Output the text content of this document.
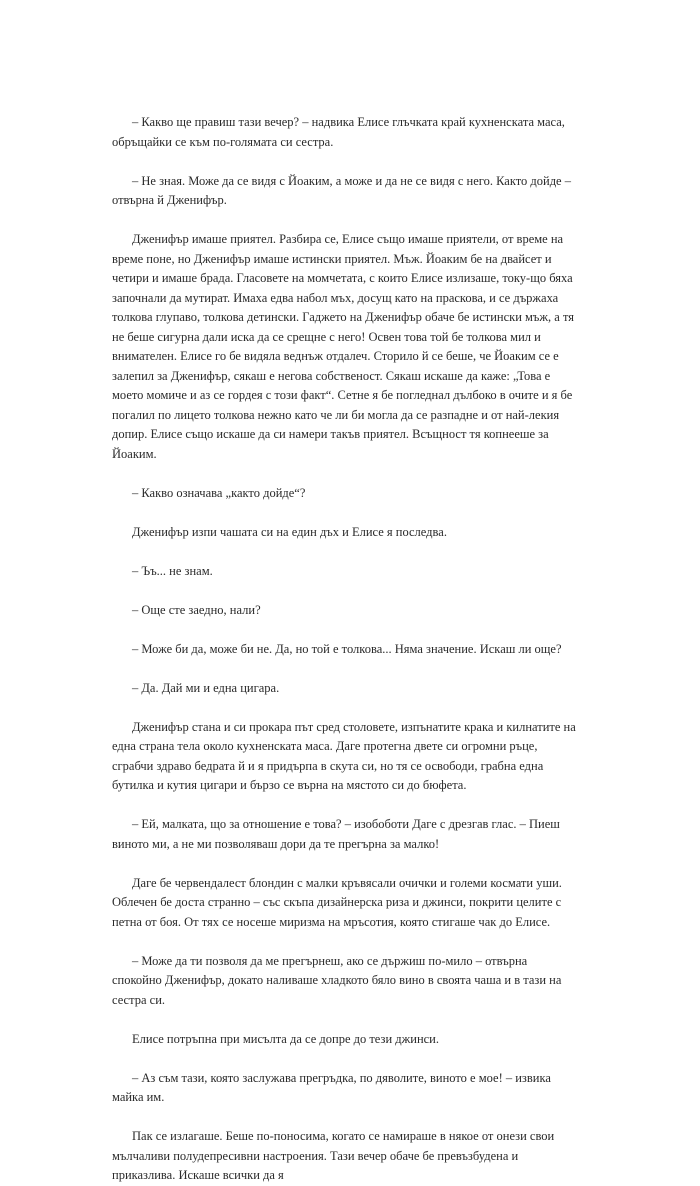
– Какво ще правиш тази вечер? – надвика Елисе глъчката край кухненската маса, обръщайки се към по-голямата си сестра.

– Не зная. Може да се видя с Йоаким, а може и да не се видя с него. Както дойде – отвърна й Дженифър.

Дженифър имаше приятел. Разбира се, Елисе също имаше приятели, от време на време поне, но Дженифър имаше истински приятел. Мъж. Йоаким бе на двайсет и четири и имаше брада. Гласовете на момчетата, с които Елисе излизаше, току-що бяха започнали да мутират. Имаха едва набол мъх, досущ като на праскова, и се държаха толкова глупаво, толкова детински. Гаджето на Дженифър обаче бе истински мъж, а тя не беше сигурна дали иска да се срещне с него! Освен това той бе толкова мил и внимателен. Елисе го бе видяла веднъж отдалеч. Сторило й се беше, че Йоаким се е залепил за Дженифър, сякаш е негова собственост. Сякаш искаше да каже: „Това е моето момиче и аз се гордея с този факт“. Сетне я бе погледнал дълбоко в очите и я бе погалил по лицето толкова нежно като че ли би могла да се разпадне и от най-лекия допир. Елисе също искаше да си намери такъв приятел. Всъщност тя копнееше за Йоаким.

– Какво означава „както дойде“?

Дженифър изпи чашата си на един дъх и Елисе я последва.

– Ъъ... не знам.

– Още сте заедно, нали?

– Може би да, може би не. Да, но той е толкова... Няма значение. Искаш ли още?

– Да. Дай ми и една цигара.

Дженифър стана и си прокара път сред столовете, изпънатите крака и килнатите на една страна тела около кухненската маса. Даге протегна двете си огромни ръце, сграбчи здраво бедрата й и я придърпа в скута си, но тя се освободи, грабна една бутилка и кутия цигари и бързо се върна на мястото си до бюфета.

– Ей, малката, що за отношение е това? – изобоботи Даге с дрезгав глас. – Пиеш виното ми, а не ми позволяваш дори да те прегърна за малко!

Даге бе червендалест блондин с малки кръвясали очички и големи космати уши. Облечен бе доста странно – със скъпа дизайнерска риза и джинси, покрити целите с петна от боя. От тях се носеше миризма на мръсотия, която стигаше чак до Елисе.

– Може да ти позволя да ме прегърнеш, ако се държиш по-мило – отвърна спокойно Дженифър, докато наливаше хладкото бяло вино в своята чаша и в тази на сестра си.

Елисе потръпна при мисълта да се допре до тези джинси.

– Аз съм тази, която заслужава прегръдка, по дяволите, виното е мое! – извика майка им.

Пак се излагаше. Беше по-поносима, когато се намираше в някое от онези свои мълчаливи полудепресивни настроения. Тази вечер обаче бе превъзбудена и приказлива. Искаше всички да я
